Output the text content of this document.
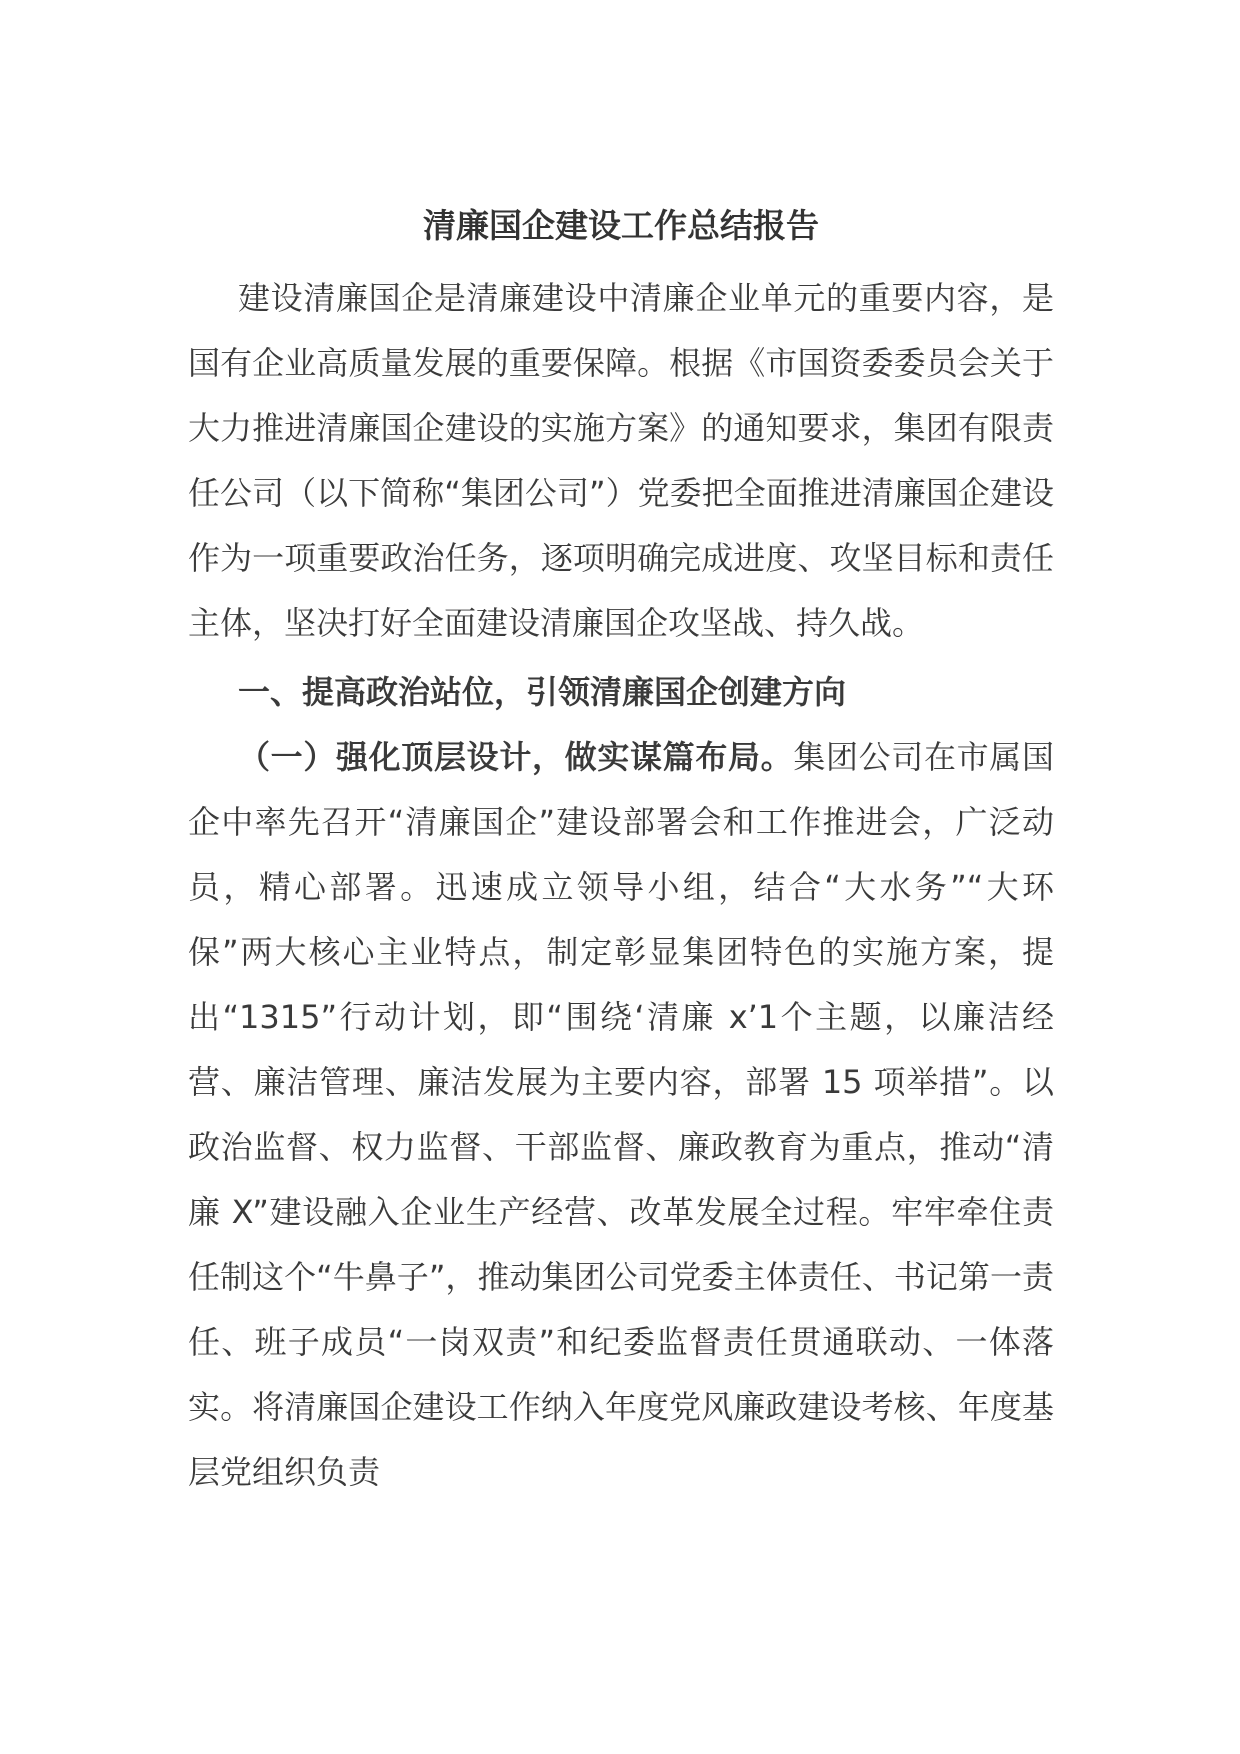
清廉国企建设工作总结报告

建设清廉国企是清廉建设中清廉企业单元的重要内容，是国有企业高质量发展的重要保障。根据《市国资委委员会关于大力推进清廉国企建设的实施方案》的通知要求，集团有限责任公司（以下简称“集团公司”）党委把全面推进清廉国企建设作为一项重要政治任务，逐项明确完成进度、攻坚目标和责任主体，坚决打好全面建设清廉国企攻坚战、持久战。

一、提高政治站位，引领清廉国企创建方向

（一）强化顶层设计，做实谋篇布局。集团公司在市属国企中率先召开“清廉国企”建设部署会和工作推进会，广泛动员，精心部署。迅速成立领导小组，结合“大水务”“大环保”两大核心主业特点，制定彰显集团特色的实施方案，提出“1315”行动计划，即“围绕‘清廉 x’1个主题，以廉洁经营、廉洁管理、廉洁发展为主要内容，部署 15 项举措”。以政治监督、权力监督、干部监督、廉政教育为重点，推动“清廉 X”建设融入企业生产经营、改革发展全过程。牢牢牵住责任制这个“牛鼻子”，推动集团公司党委主体责任、书记第一责任、班子成员“一岗双责”和纪委监督责任贯通联动、一体落实。将清廉国企建设工作纳入年度党风廉政建设考核、年度基层党组织负责
